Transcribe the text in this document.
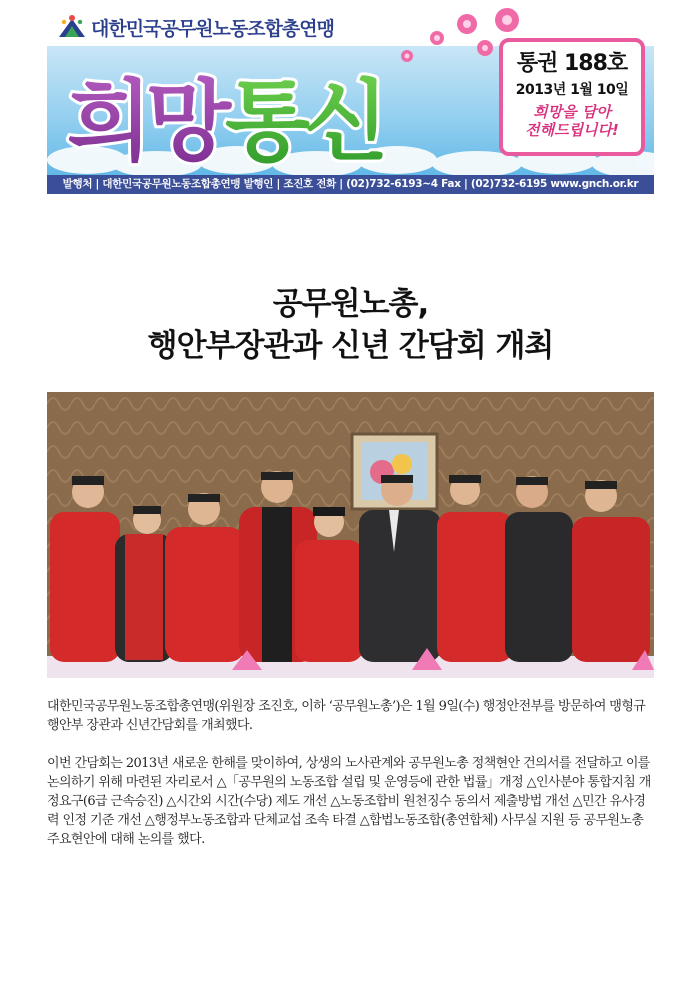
대한민국공무원노동조합총연맹
희망통신
통권 188호
2013년 1월 10일
희망을 담아
전해드립니다!
발행처 | 대한민국공무원노동조합총연맹 발행인 | 조진호 전화 | (02)732-6193~4 Fax | (02)732-6195 www.gnch.or.kr
공무원노총,
행안부장관과 신년 간담회 개최

대한민국공무원노동조합총연맹(위원장 조진호, 이하 ‘공무원노총’)은 1월 9일(수) 행정안전부를 방문하여 맹형규 행안부 장관과 신년간담회를 개최했다.

이번 간담회는 2013년 새로운 한해를 맞이하여, 상생의 노사관계와 공무원노총 정책현안 건의서를 전달하고 이를 논의하기 위해 마련된 자리로서 △「공무원의 노동조합 설립 및 운영등에 관한 법률」개정 △인사분야 통합지침 개정요구(6급 근속승진) △시간외 시간(수당) 제도 개선 △노동조합비 원천징수 동의서 제출방법 개선 △민간 유사경력 인정 기준 개선 △행정부노동조합과 단체교섭 조속 타결 △합법노동조합(총연합체) 사무실 지원 등 공무원노총 주요현안에 대해 논의를 했다.
